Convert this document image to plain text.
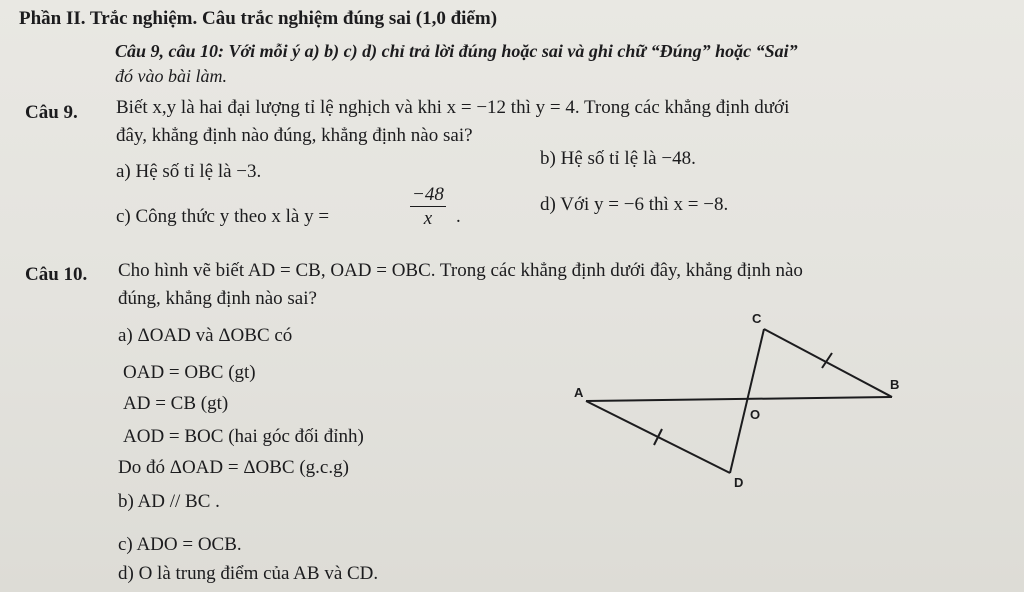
Phần II. Trắc nghiệm. Câu trắc nghiệm đúng sai (1,0 điểm)
Câu 9, câu 10: Với mỗi ý a) b) c) d) chỉ trả lời đúng hoặc sai và ghi chữ “Đúng” hoặc “Sai”
đó vào bài làm.
Câu 9. Biết x,y là hai đại lượng tỉ lệ nghịch và khi x = −12 thì y = 4. Trong các khẳng định dưới
đây, khẳng định nào đúng, khẳng định nào sai?
a) Hệ số tỉ lệ là −3.
b) Hệ số tỉ lệ là −48.
c) Công thức y theo x là y =	$\frac{-48}{x}$ .
d) Với y = −6 thì x = −8.
Câu 10. Cho hình vẽ biết AD = CB, OAD = OBC. Trong các khẳng định dưới đây, khẳng định nào
đúng, khẳng định nào sai?
a) ΔOAD và ΔOBC có
OAD = OBC (gt)
AD = CB (gt)
AOD = BOC (hai góc đối đỉnh)
Do đó ΔOAD = ΔOBC (g.c.g)
b) AD // BC .
c) ADO = OCB.
d) O là trung điểm của AB và CD.
C
A
B
O
D
